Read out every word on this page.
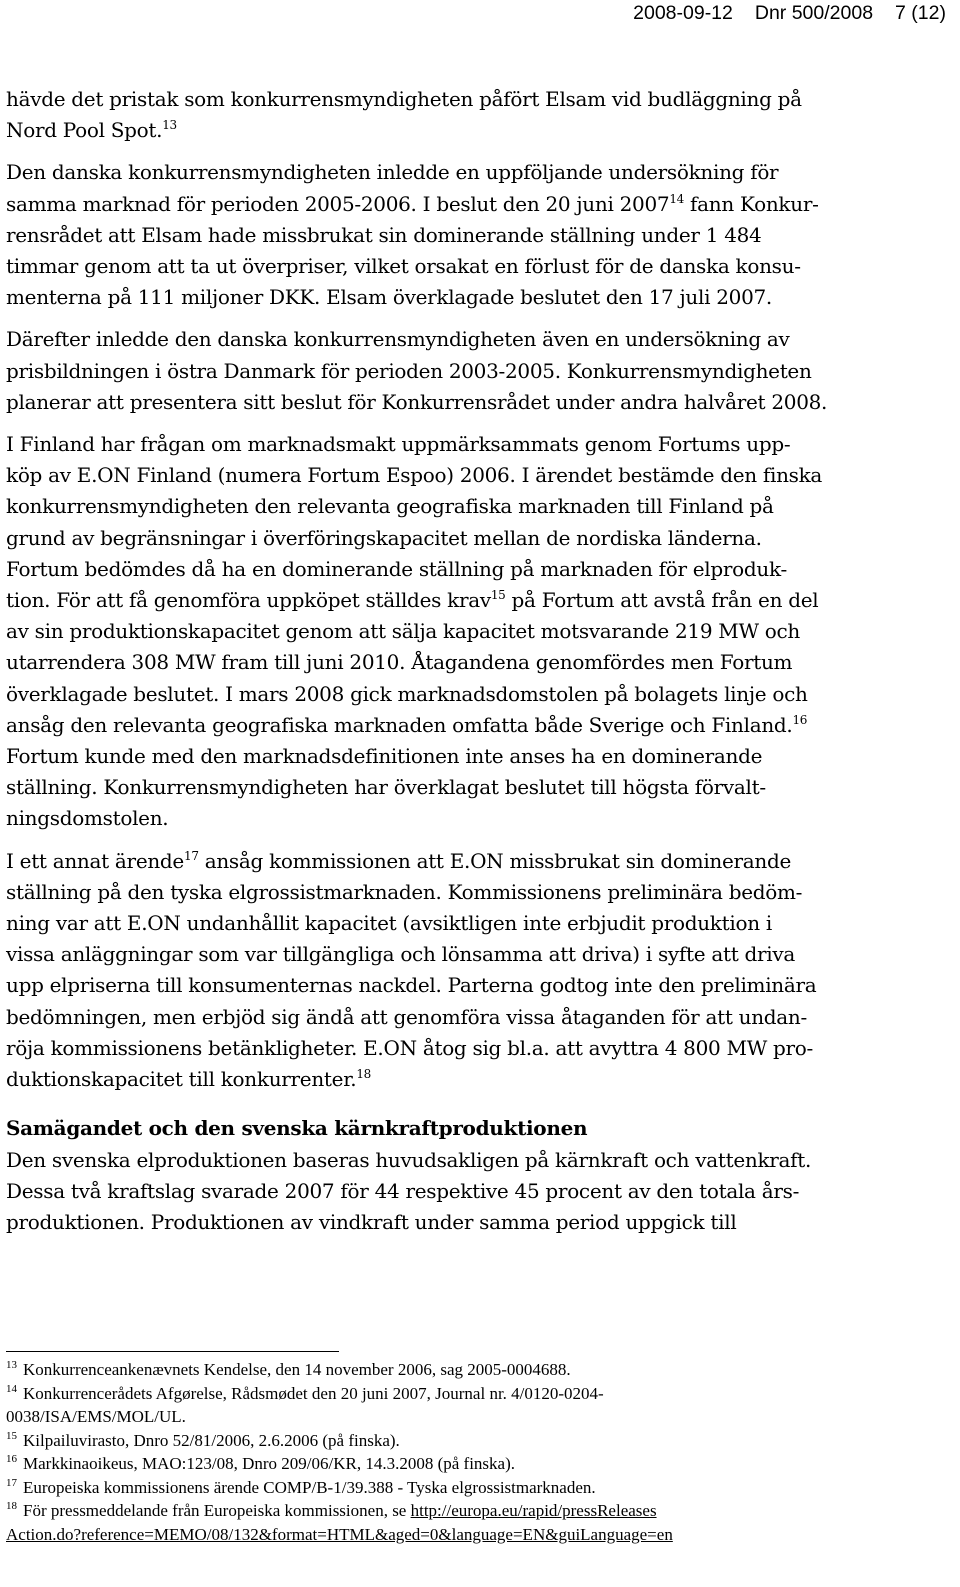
2008-09-12 Dnr 500/2008 7 (12)

hävde det pristak som konkurrensmyndigheten påfört Elsam vid budläggning på
Nord Pool Spot.$^{13}$

Den danska konkurrensmyndigheten inledde en uppföljande undersökning för
samma marknad för perioden 2005-2006. I beslut den 20 juni 2007$^{14}$ fann Konkur-
rensrådet att Elsam hade missbrukat sin dominerande ställning under 1 484
timmar genom att ta ut överpriser, vilket orsakat en förlust för de danska konsu-
menterna på 111 miljoner DKK. Elsam överklagade beslutet den 17 juli 2007.

Därefter inledde den danska konkurrensmyndigheten även en undersökning av
prisbildningen i östra Danmark för perioden 2003-2005. Konkurrensmyndigheten
planerar att presentera sitt beslut för Konkurrensrådet under andra halvåret 2008.

I Finland har frågan om marknadsmakt uppmärksammats genom Fortums upp-
köp av E.ON Finland (numera Fortum Espoo) 2006. I ärendet bestämde den finska
konkurrensmyndigheten den relevanta geografiska marknaden till Finland på
grund av begränsningar i överföringskapacitet mellan de nordiska länderna.
Fortum bedömdes då ha en dominerande ställning på marknaden för elproduk-
tion. För att få genomföra uppköpet ställdes krav$^{15}$ på Fortum att avstå från en del
av sin produktionskapacitet genom att sälja kapacitet motsvarande 219 MW och
utarrendera 308 MW fram till juni 2010. Åtagandena genomfördes men Fortum
överklagade beslutet. I mars 2008 gick marknadsdomstolen på bolagets linje och
ansåg den relevanta geografiska marknaden omfatta både Sverige och Finland.$^{16}$
Fortum kunde med den marknadsdefinitionen inte anses ha en dominerande
ställning. Konkurrensmyndigheten har överklagat beslutet till högsta förvalt-
ningsdomstolen.

I ett annat ärende$^{17}$ ansåg kommissionen att E.ON missbrukat sin dominerande
ställning på den tyska elgrossistmarknaden. Kommissionens preliminära bedöm-
ning var att E.ON undanhållit kapacitet (avsiktligen inte erbjudit produktion i
vissa anläggningar som var tillgängliga och lönsamma att driva) i syfte att driva
upp elpriserna till konsumenternas nackdel. Parterna godtog inte den preliminära
bedömningen, men erbjöd sig ändå att genomföra vissa åtaganden för att undan-
röja kommissionens betänkligheter. E.ON åtog sig bl.a. att avyttra 4 800 MW pro-
duktionskapacitet till konkurrenter.$^{18}$

Samägandet och den svenska kärnkraftproduktionen

Den svenska elproduktionen baseras huvudsakligen på kärnkraft och vattenkraft.
Dessa två kraftslag svarade 2007 för 44 respektive 45 procent av den totala års-
produktionen. Produktionen av vindkraft under samma period uppgick till

$^{13}$ Konkurrenceankenævnets Kendelse, den 14 november 2006, sag 2005-0004688.
$^{14}$ Konkurrencerådets Afgørelse, Rådsmødet den 20 juni 2007, Journal nr. 4/0120-0204-
0038/ISA/EMS/MOL/UL.
$^{15}$ Kilpailuvirasto, Dnro 52/81/2006, 2.6.2006 (på finska).
$^{16}$ Markkinaoikeus, MAO:123/08, Dnro 209/06/KR, 14.3.2008 (på finska).
$^{17}$ Europeiska kommissionens ärende COMP/B-1/39.388 - Tyska elgrossistmarknaden.
$^{18}$ För pressmeddelande från Europeiska kommissionen, se http://europa.eu/rapid/pressReleases
Action.do?reference=MEMO/08/132&format=HTML&aged=0&language=EN&guiLanguage=en
